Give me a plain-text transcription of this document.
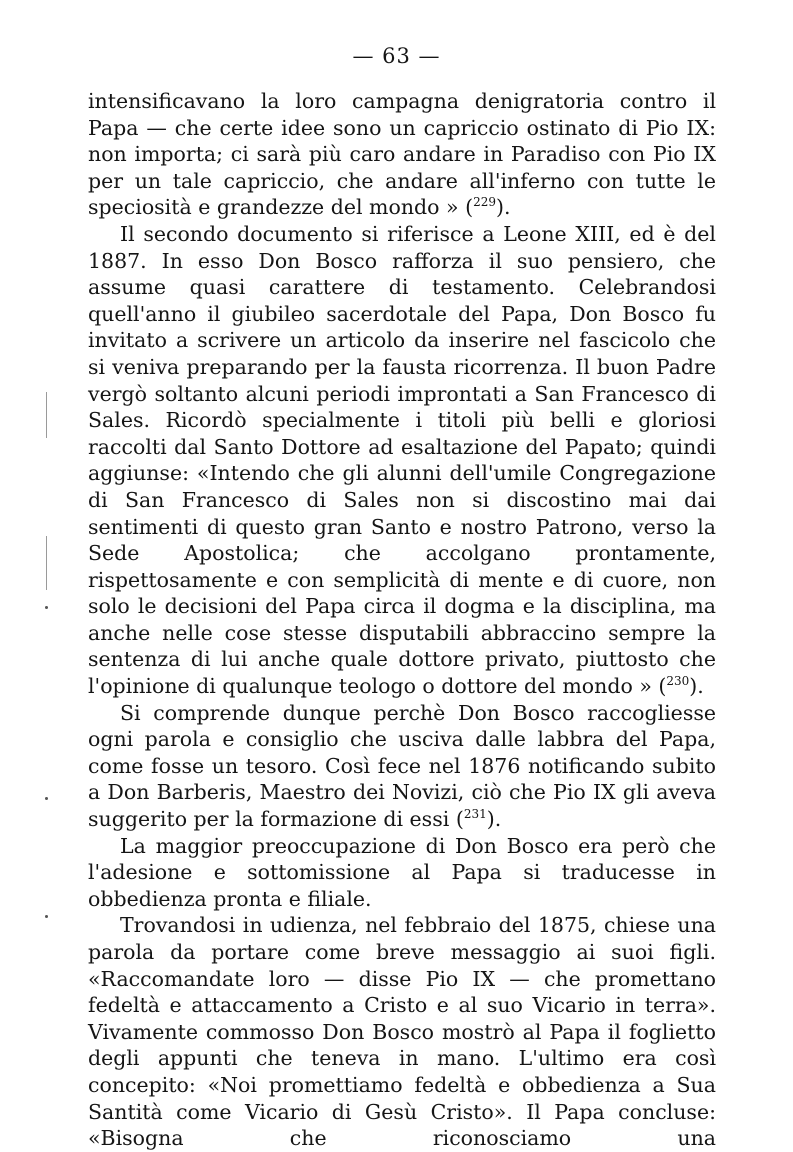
— 63 —

intensificavano la loro campagna denigratoria contro il Papa — che certe idee sono un capriccio ostinato di Pio IX: non importa; ci sarà più caro andare in Paradiso con Pio IX per un tale capriccio, che andare all'inferno con tutte le speciosità e grandezze del mondo » ($^{229}$).

Il secondo documento si riferisce a Leone XIII, ed è del 1887. In esso Don Bosco rafforza il suo pensiero, che assume quasi carattere di testamento. Celebrandosi quell'anno il giubileo sacerdotale del Papa, Don Bosco fu invitato a scrivere un articolo da inserire nel fascicolo che si veniva preparando per la fausta ricorrenza. Il buon Padre vergò soltanto alcuni periodi improntati a San Francesco di Sales. Ricordò specialmente i titoli più belli e gloriosi raccolti dal Santo Dottore ad esaltazione del Papato; quindi aggiunse: «Intendo che gli alunni dell'umile Congregazione di San Francesco di Sales non si discostino mai dai sentimenti di questo gran Santo e nostro Patrono, verso la Sede Apostolica; che accolgano prontamente, rispettosamente e con semplicità di mente e di cuore, non solo le decisioni del Papa circa il dogma e la disciplina, ma anche nelle cose stesse disputabili abbraccino sempre la sentenza di lui anche quale dottore privato, piuttosto che l'opinione di qualunque teologo o dottore del mondo » ($^{230}$).

Si comprende dunque perchè Don Bosco raccogliesse ogni parola e consiglio che usciva dalle labbra del Papa, come fosse un tesoro. Così fece nel 1876 notificando subito a Don Barberis, Maestro dei Novizi, ciò che Pio IX gli aveva suggerito per la formazione di essi ($^{231}$).

La maggior preoccupazione di Don Bosco era però che l'adesione e sottomissione al Papa si traducesse in obbedienza pronta e filiale.

Trovandosi in udienza, nel febbraio del 1875, chiese una parola da portare come breve messaggio ai suoi figli. «Raccomandate loro — disse Pio IX — che promettano fedeltà e attaccamento a Cristo e al suo Vicario in terra». Vivamente commosso Don Bosco mostrò al Papa il foglietto degli appunti che teneva in mano. L'ultimo era così concepito: «Noi promettiamo fedeltà e obbedienza a Sua Santità come Vicario di Gesù Cristo». Il Papa concluse: «Bisogna che riconosciamo una
